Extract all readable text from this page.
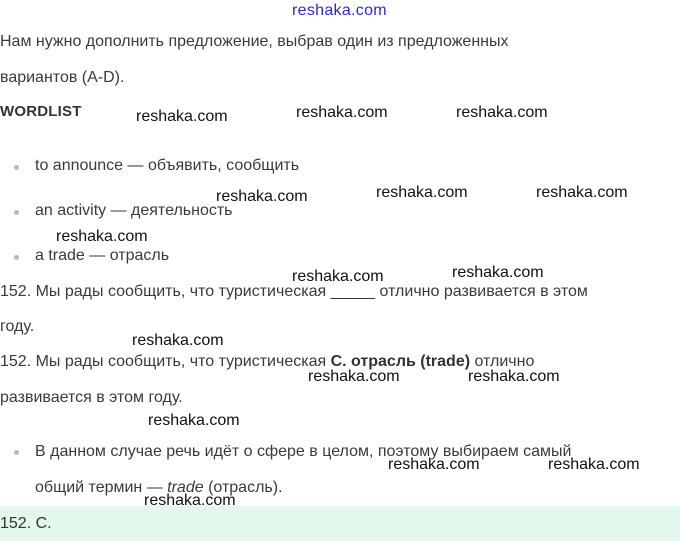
reshaka.com
Нам нужно дополнить предложение, выбрав один из предложенных
вариантов (A-D).
WORDLIST
to announce — объявить, сообщить
an activity — деятельность
a trade — отрасль
152. Мы рады сообщить, что туристическая _____ отлично развивается в этом
году.
152. Мы рады сообщить, что туристическая C. отрасль (trade) отлично
развивается в этом году.
В данном случае речь идёт о сфере в целом, поэтому выбираем самый
общий термин — trade (отрасль).
152. C.
reshaka.com	reshaka.com	reshaka.com
reshaka.com	reshaka.com	reshaka.com
reshaka.com
reshaka.com	reshaka.com
reshaka.com
reshaka.com	reshaka.com
reshaka.com
reshaka.com	reshaka.com
reshaka.com
